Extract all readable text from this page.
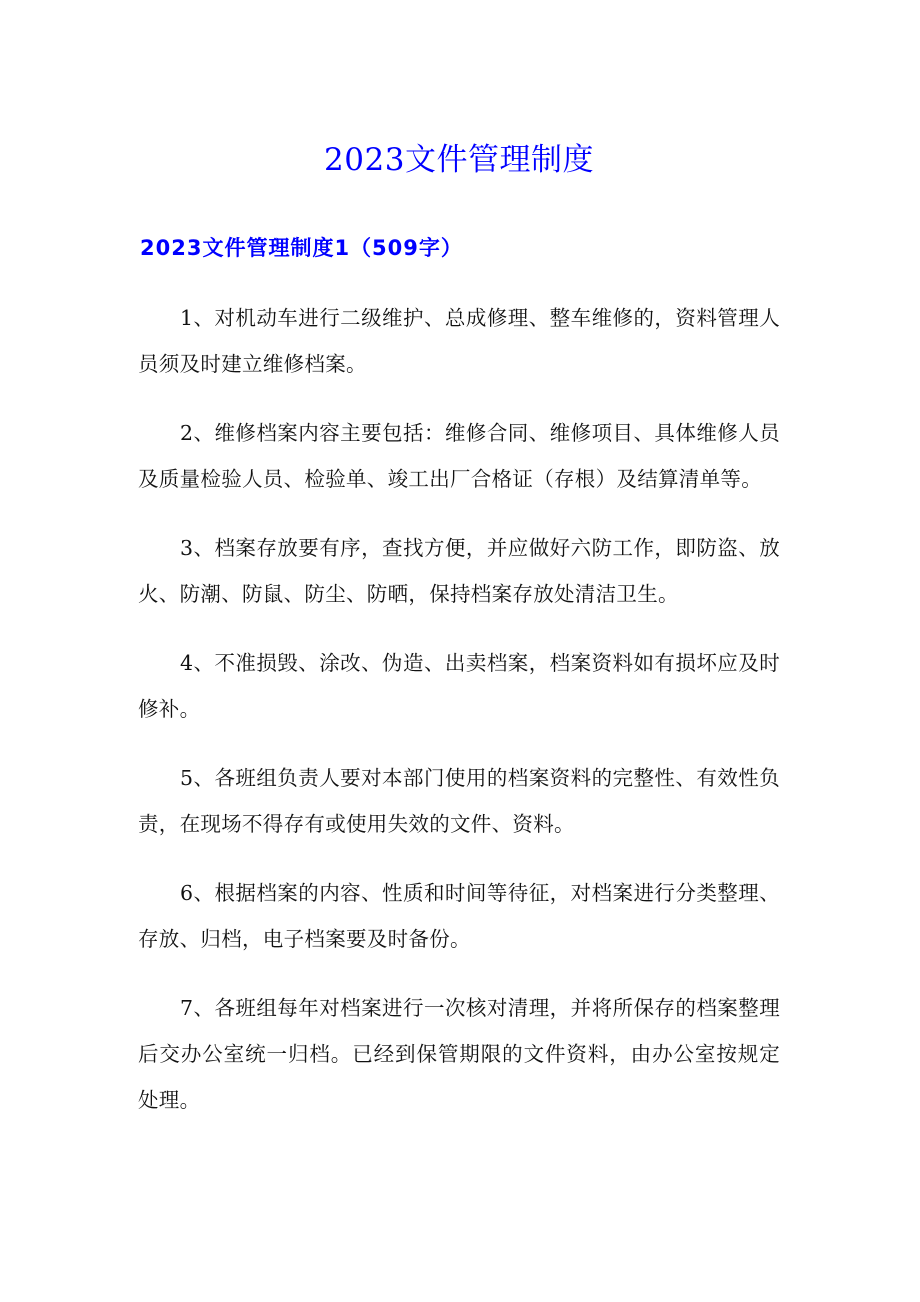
2023文件管理制度
2023文件管理制度1（509字）

1、对机动车进行二级维护、总成修理、整车维修的，资料管理人员须及时建立维修档案。

2、维修档案内容主要包括：维修合同、维修项目、具体维修人员及质量检验人员、检验单、竣工出厂合格证（存根）及结算清单等。

3、档案存放要有序，查找方便，并应做好六防工作，即防盗、放火、防潮、防鼠、防尘、防晒，保持档案存放处清洁卫生。

4、不准损毁、涂改、伪造、出卖档案，档案资料如有损坏应及时修补。

5、各班组负责人要对本部门使用的档案资料的完整性、有效性负责，在现场不得存有或使用失效的文件、资料。

6、根据档案的内容、性质和时间等待征，对档案进行分类整理、存放、归档，电子档案要及时备份。

7、各班组每年对档案进行一次核对清理，并将所保存的档案整理后交办公室统一归档。已经到保管期限的文件资料，由办公室按规定处理。
